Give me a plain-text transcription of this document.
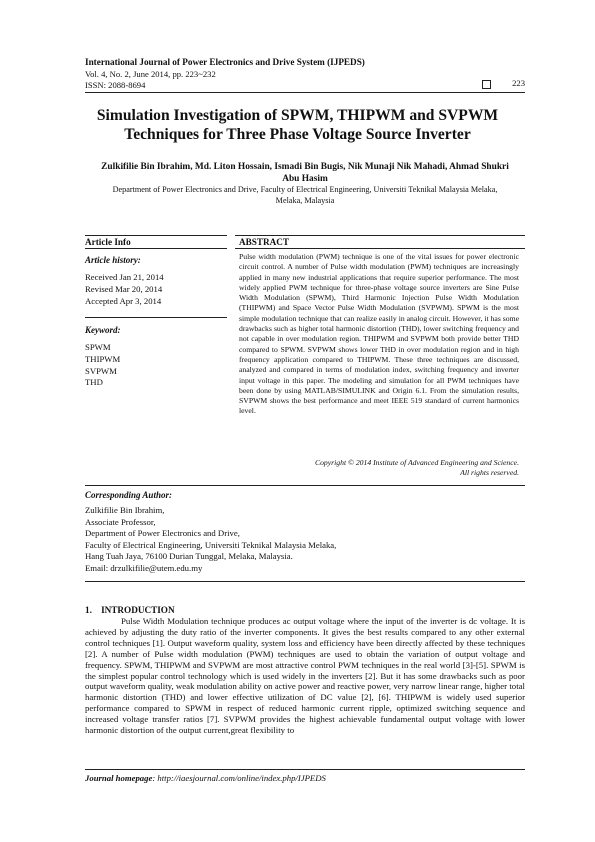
International Journal of Power Electronics and Drive System (IJPEDS)
Vol. 4, No. 2, June 2014, pp. 223~232
ISSN: 2088-8694	223
Simulation Investigation of SPWM, THIPWM and SVPWM
Techniques for Three Phase Voltage Source Inverter
Zulkifilie Bin Ibrahim, Md. Liton Hossain, Ismadi Bin Bugis, Nik Munaji Nik Mahadi, Ahmad Shukri
Abu Hasim
Department of Power Electronics and Drive, Faculty of Electrical Engineering, Universiti Teknikal Malaysia Melaka,
Melaka, Malaysia
Article Info	ABSTRACT
Article history:
Received Jan 21, 2014
Revised Mar 20, 2014
Accepted Apr 3, 2014
Keyword:
SPWM
THIPWM
SVPWM
THD
Pulse width modulation (PWM) technique is one of the vital issues for power electronic circuit control. A number of Pulse width modulation (PWM) techniques are increasingly applied in many new industrial applications that require superior performance. The most widely applied PWM technique for three-phase voltage source inverters are Sine Pulse Width Modulation (SPWM), Third Harmonic Injection Pulse Width Modulation (THIPWM) and Space Vector Pulse Width Modulation (SVPWM). SPWM is the most simple modulation technique that can realize easily in analog circuit. However, it has some drawbacks such as higher total harmonic distortion (THD), lower switching frequency and not capable in over modulation region. THIPWM and SVPWM both provide better THD compared to SPWM. SVPWM shows lower THD in over modulation region and in high frequency application compared to THIPWM. These three techniques are discussed, analyzed and compared in terms of modulation index, switching frequency and inverter input voltage in this paper. The modeling and simulation for all PWM techniques have been done by using MATLAB/SIMULINK and Origin 6.1. From the simulation results, SVPWM shows the best performance and meet IEEE 519 standard of current harmonics level.
Copyright © 2014 Institute of Advanced Engineering and Science.
All rights reserved.
Corresponding Author:
Zulkifilie Bin Ibrahim,
Associate Professor,
Department of Power Electronics and Drive,
Faculty of Electrical Engineering, Universiti Teknikal Malaysia Melaka,
Hang Tuah Jaya, 76100 Durian Tunggal, Melaka, Malaysia.
Email: drzulkifilie@utem.edu.my
1.    INTRODUCTION

Pulse Width Modulation technique produces ac output voltage where the input of the inverter is dc voltage. It is achieved by adjusting the duty ratio of the inverter components. It gives the best results compared to any other external control techniques [1]. Output waveform quality, system loss and efficiency have been directly affected by these techniques [2]. A number of Pulse width modulation (PWM) techniques are used to obtain the variation of output voltage and frequency. SPWM, THIPWM and SVPWM are most attractive control PWM techniques in the real world [3]-[5]. SPWM is the simplest popular control technology which is used widely in the inverters [2]. But it has some drawbacks such as poor output waveform quality, weak modulation ability on active power and reactive power, very narrow linear range, higher total harmonic distortion (THD) and lower effective utilization of DC value [2], [6]. THIPWM is widely used superior performance compared to SPWM in respect of reduced harmonic current ripple, optimized switching sequence and increased voltage transfer ratios [7]. SVPWM provides the highest achievable fundamental output voltage with lower harmonic distortion of the output current,great flexibility to

Journal homepage: http://iaesjournal.com/online/index.php/IJPEDS
